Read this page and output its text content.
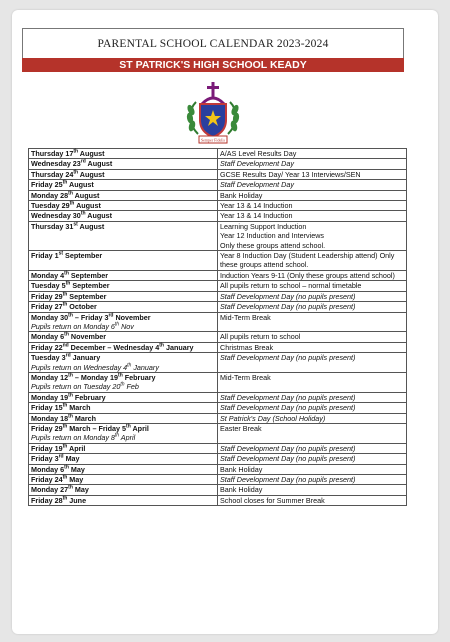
PARENTAL SCHOOL CALENDAR 2023-2024
ST PATRICK'S HIGH SCHOOL KEADY
Semper Fidelis
Thursday 17th August	A/AS Level Results Day

Wednesday 23rd August	Staff Development Day

Thursday 24th August	GCSE Results Day/ Year 13 Interviews/SEN

Friday 25th August	Staff Development Day

Monday 28th August	Bank Holiday

Tuesday 29th August	Year 13 & 14 Induction

Wednesday 30th August	Year 13 & 14 Induction

Thursday 31st August	Learning Support Induction
Year 12 Induction and Interviews
Only these groups attend school.

Friday 1st September	Year 8 Induction Day (Student Leadership attend) Only these groups attend school.

Monday 4th September	Induction Years 9-11 (Only these groups attend school)

Tuesday 5th September	All pupils return to school – normal timetable

Friday 29th September	Staff Development Day (no pupils present)

Friday 27th October	Staff Development Day (no pupils present)

Monday 30th – Friday 3rd November
Pupils return on Monday 6th Nov	Mid-Term Break

Monday 6th November	All pupils return to school

Friday 22nd December – Wednesday 4th January	Christmas Break

Tuesday 3rd January
Pupils return on Wednesday 4th January	Staff Development Day (no pupils present)

Monday 12th – Monday 19th February
Pupils return on Tuesday 20th Feb	Mid-Term Break

Monday 19th February	Staff Development Day (no pupils present)

Friday 15th March	Staff Development Day (no pupils present)

Monday 18th March	St Patrick's Day (School Holiday)

Friday 29th March – Friday 5th April
Pupils return on Monday 8th April	Easter Break

Friday 19th April	Staff Development Day (no pupils present)

Friday 3rd May	Staff Development Day (no pupils present)

Monday 6th May	Bank Holiday

Friday 24th May	Staff Development Day (no pupils present)

Monday 27th May	Bank Holiday

Friday 28th June	School closes for Summer Break
